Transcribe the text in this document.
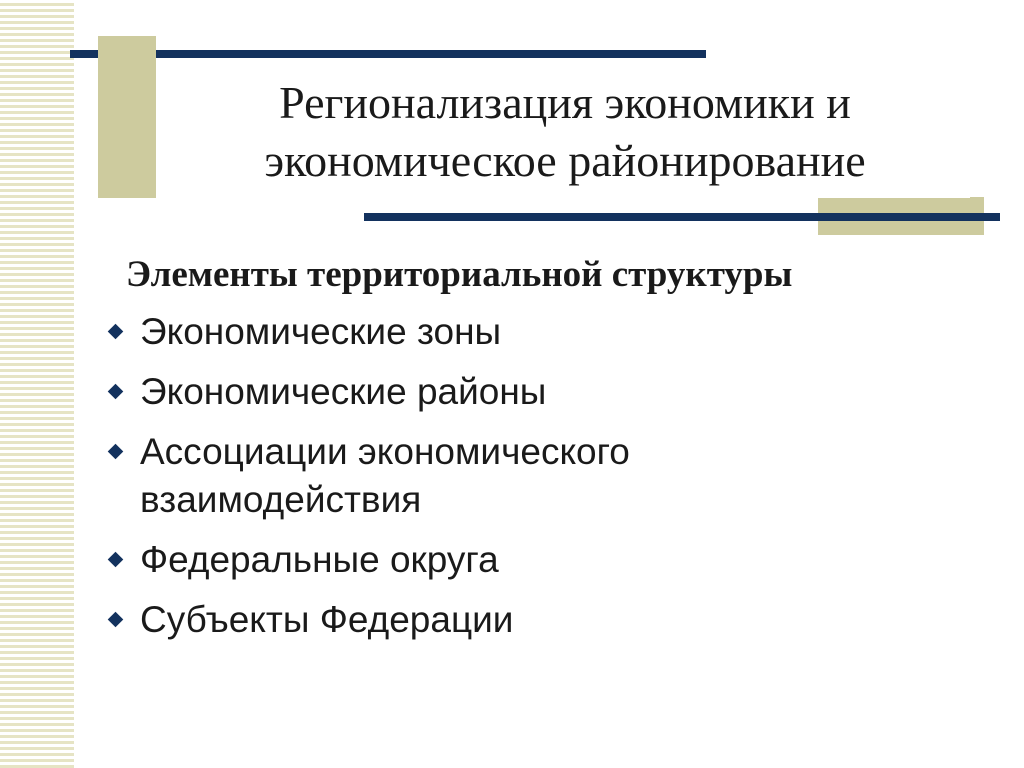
Регионализация экономики и
экономическое районирование
Элементы территориальной структуры
Экономические зоны
Экономические районы
Ассоциации экономического
взаимодействия
Федеральные округа
Субъекты Федерации
